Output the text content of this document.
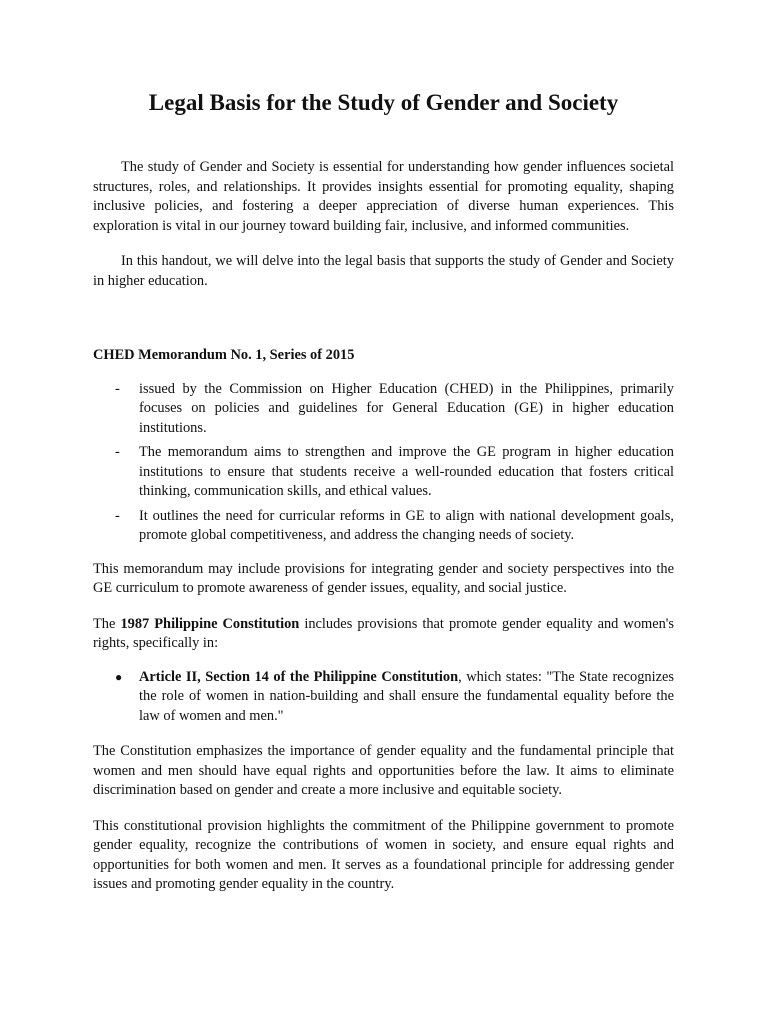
Legal Basis for the Study of Gender and Society

The study of Gender and Society is essential for understanding how gender influences societal structures, roles, and relationships. It provides insights essential for promoting equality, shaping inclusive policies, and fostering a deeper appreciation of diverse human experiences. This exploration is vital in our journey toward building fair, inclusive, and informed communities.

In this handout, we will delve into the legal basis that supports the study of Gender and Society in higher education.

CHED Memorandum No. 1, Series of 2015

- issued by the Commission on Higher Education (CHED) in the Philippines, primarily focuses on policies and guidelines for General Education (GE) in higher education institutions.
- The memorandum aims to strengthen and improve the GE program in higher education institutions to ensure that students receive a well-rounded education that fosters critical thinking, communication skills, and ethical values.
- It outlines the need for curricular reforms in GE to align with national development goals, promote global competitiveness, and address the changing needs of society.

This memorandum may include provisions for integrating gender and society perspectives into the GE curriculum to promote awareness of gender issues, equality, and social justice.

The 1987 Philippine Constitution includes provisions that promote gender equality and women's rights, specifically in:

● Article II, Section 14 of the Philippine Constitution, which states: "The State recognizes the role of women in nation-building and shall ensure the fundamental equality before the law of women and men."

The Constitution emphasizes the importance of gender equality and the fundamental principle that women and men should have equal rights and opportunities before the law. It aims to eliminate discrimination based on gender and create a more inclusive and equitable society.

This constitutional provision highlights the commitment of the Philippine government to promote gender equality, recognize the contributions of women in society, and ensure equal rights and opportunities for both women and men. It serves as a foundational principle for addressing gender issues and promoting gender equality in the country.
